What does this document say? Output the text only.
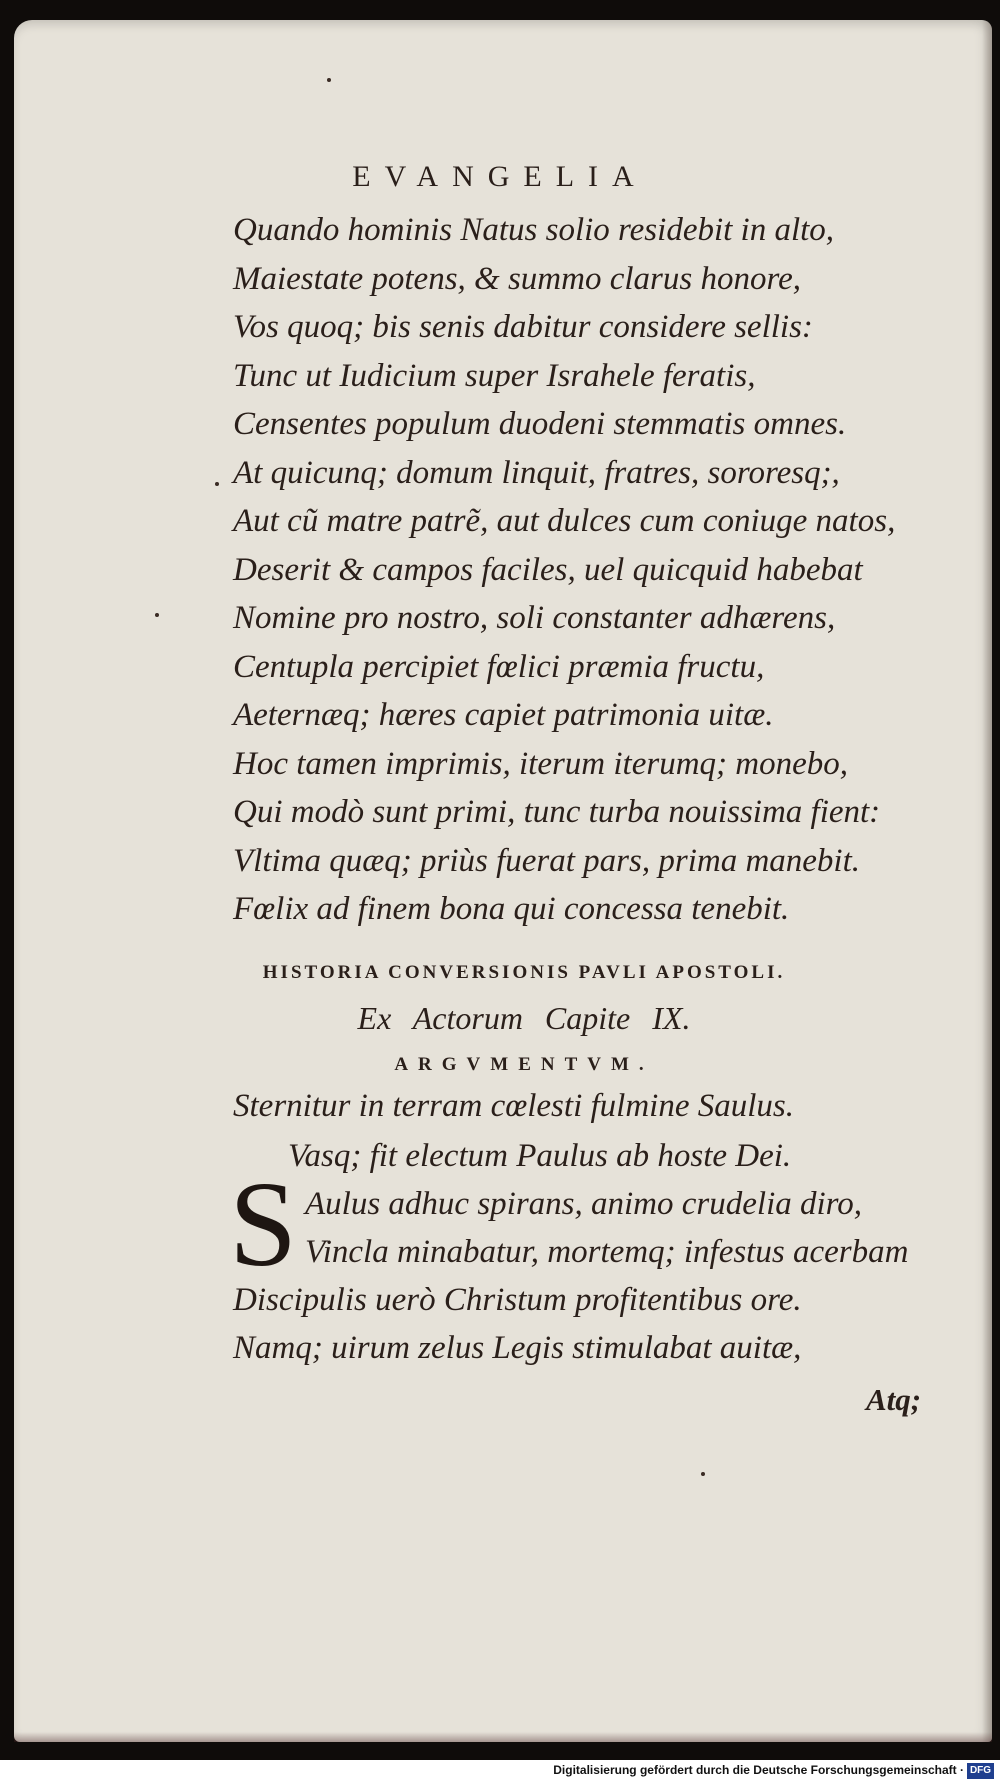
EVANGELIA
Quando hominis Natus solio residebit in alto,
Maiestate potens, & summo clarus honore,
Vos quoq; bis senis dabitur considere sellis:
Tunc ut Iudicium super Israhele feratis,
Censentes populum duodeni stemmatis omnes.
At quicunq; domum linquit, fratres, sororesq;,
Aut cũ matre patrẽ, aut dulces cum coniuge natos,
Deserit & campos faciles, uel quicquid habebat
Nomine pro nostro, soli constanter adhærens,
Centupla percipiet fœlici præmia fructu,
Aeternæq; hæres capiet patrimonia uitæ.
Hoc tamen imprimis, iterum iterumq; monebo,
Qui modò sunt primi, tunc turba nouissima fient:
Vltima quæq; priùs fuerat pars, prima manebit.
Fœlix ad finem bona qui concessa tenebit.
HISTORIA CONVERSIONIS PAVLI APOSTOLI.
Ex Actorum Capite IX.
ARGVMENTVM.
Sternitur in terram cœlesti fulmine Saulus.
Vasq; fit electum Paulus ab hoste Dei.
S Aulus adhuc spirans, animo crudelia diro,
Vincla minabatur, mortemq; infestus acerbam
Discipulis uerò Christum profitentibus ore.
Namq; uirum zelus Legis stimulabat auitæ,
Atq;
Digitalisierung gefördert durch die Deutsche Forschungsgemeinschaft · DFG
